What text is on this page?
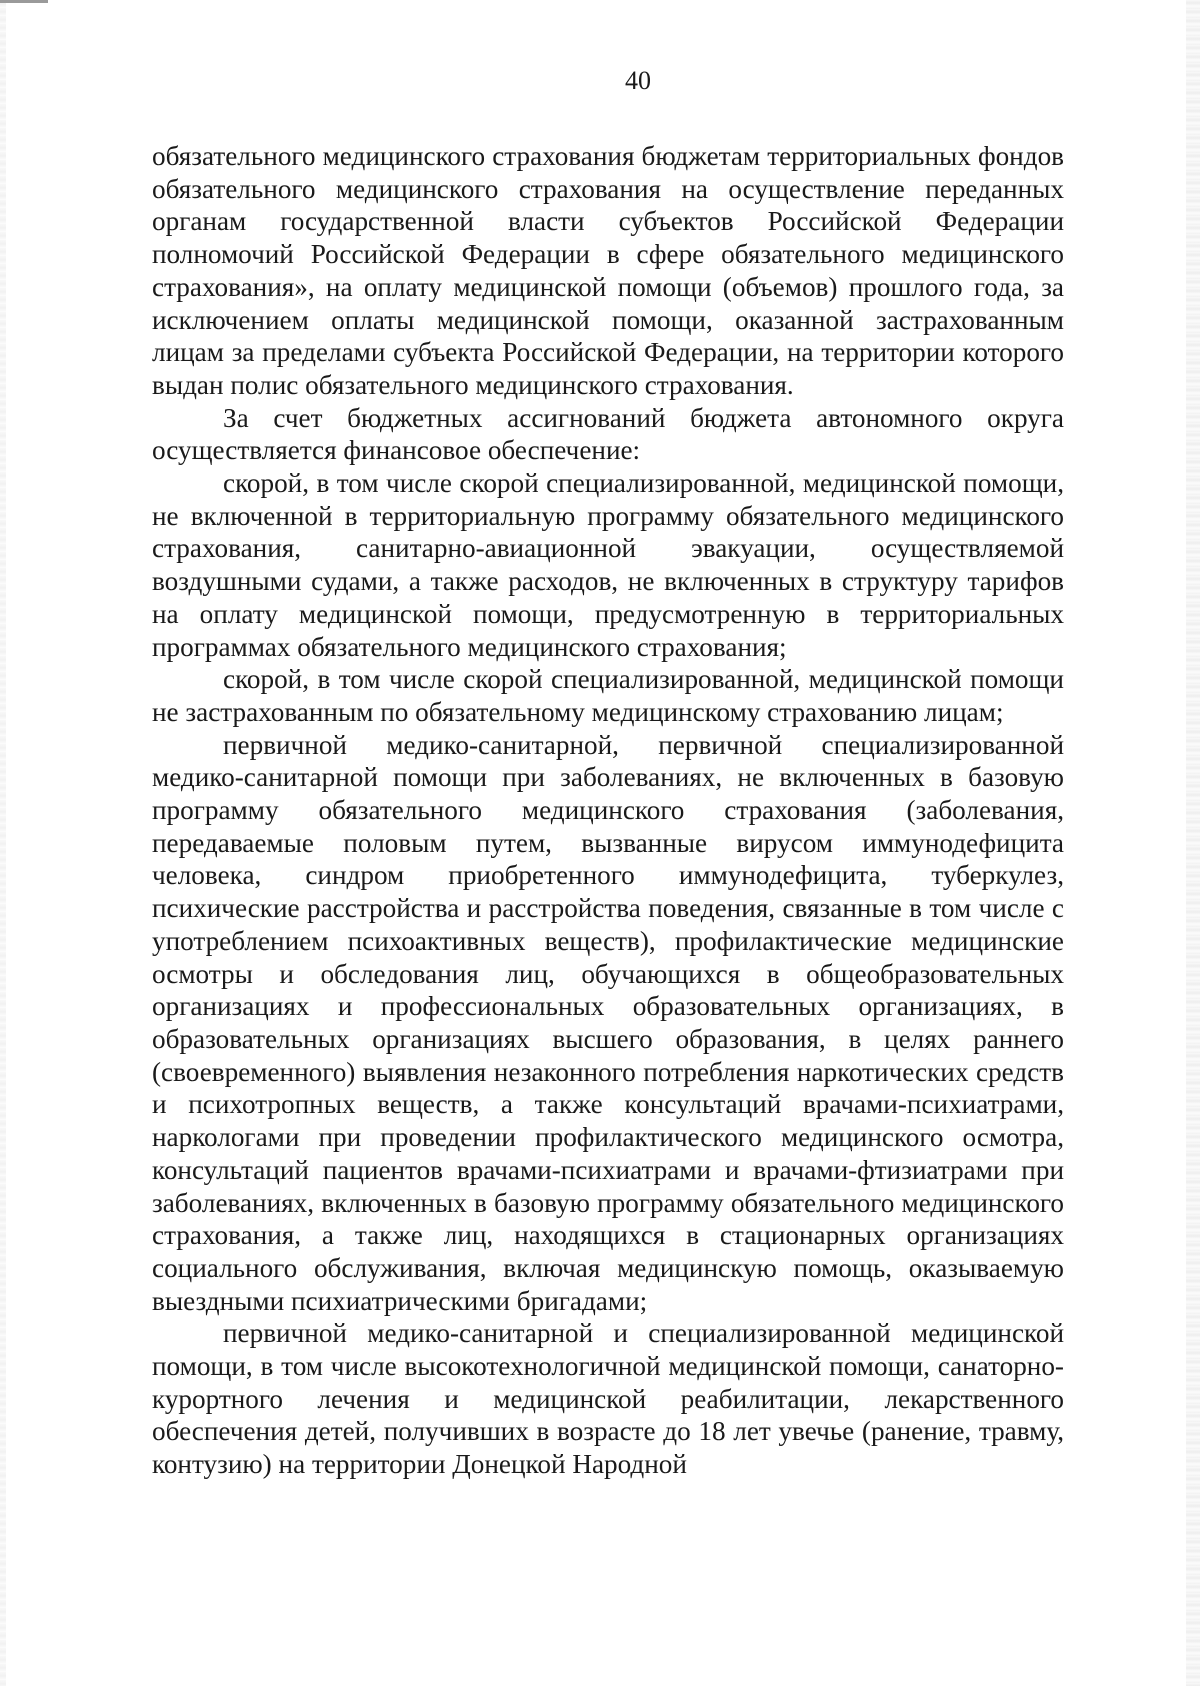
40

обязательного медицинского страхования бюджетам территориальных фондов обязательного медицинского страхования на осуществление переданных органам государственной власти субъектов Российской Федерации полномочий Российской Федерации в сфере обязательного медицинского страхования», на оплату медицинской помощи (объемов) прошлого года, за исключением оплаты медицинской помощи, оказанной застрахованным лицам за пределами субъекта Российской Федерации, на территории которого выдан полис обязательного медицинского страхования.

За счет бюджетных ассигнований бюджета автономного округа осуществляется финансовое обеспечение:

скорой, в том числе скорой специализированной, медицинской помощи, не включенной в территориальную программу обязательного медицинского страхования, санитарно-авиационной эвакуации, осуществляемой воздушными судами, а также расходов, не включенных в структуру тарифов на оплату медицинской помощи, предусмотренную в территориальных программах обязательного медицинского страхования;

скорой, в том числе скорой специализированной, медицинской помощи не застрахованным по обязательному медицинскому страхованию лицам;

первичной медико-санитарной, первичной специализированной медико-санитарной помощи при заболеваниях, не включенных в базовую программу обязательного медицинского страхования (заболевания, передаваемые половым путем, вызванные вирусом иммунодефицита человека, синдром приобретенного иммунодефицита, туберкулез, психические расстройства и расстройства поведения, связанные в том числе с употреблением психоактивных веществ), профилактические медицинские осмотры и обследования лиц, обучающихся в общеобразовательных организациях и профессиональных образовательных организациях, в образовательных организациях высшего образования, в целях раннего (своевременного) выявления незаконного потребления наркотических средств и психотропных веществ, а также консультаций врачами-психиатрами, наркологами при проведении профилактического медицинского осмотра, консультаций пациентов врачами-психиатрами и врачами-фтизиатрами при заболеваниях, включенных в базовую программу обязательного медицинского страхования, а также лиц, находящихся в стационарных организациях социального обслуживания, включая медицинскую помощь, оказываемую выездными психиатрическими бригадами;

первичной медико-санитарной и специализированной медицинской помощи, в том числе высокотехнологичной медицинской помощи, санаторно-курортного лечения и медицинской реабилитации, лекарственного обеспечения детей, получивших в возрасте до 18 лет увечье (ранение, травму, контузию) на территории Донецкой Народной
